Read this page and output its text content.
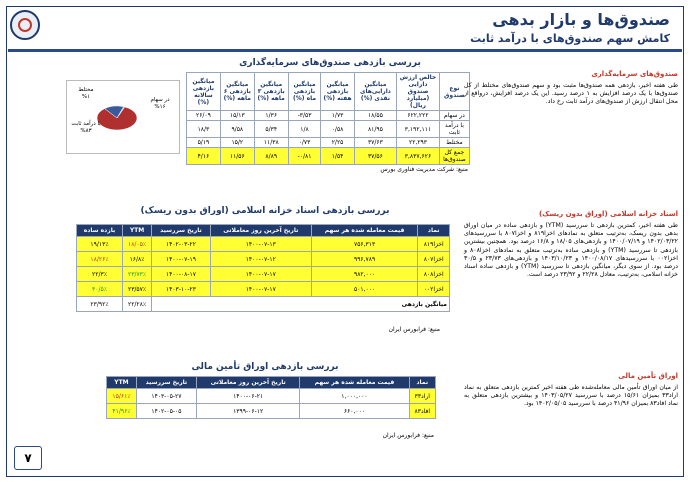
صندوق‌ها و بازار بدهی
کامش سهم صندوق‌های با درآمد ثابت
بررسی بازدهی صندوق‌های سرمایه‌گذاری
مختلط
%۱	در سهام
%۱۶
با درآمد ثابت
%۸۳
نوع صندوق	خالص ارزش دارایی صندوق (میلیارد ریال)	میانگین دارایی‌های نقدی (%)	میانگین بازدهی هفته (%)	میانگین بازدهی ماه (%)	میانگین بازدهی ۳ ماهه (%)	میانگین بازدهی ۶ ماهه (%)	میانگین بازدهی سالانه (%)
در سهام	۶۲۲,۲۲۲	۱۸/۵۵	۱/۷۳	۳/۵۳-	۱/۳۶	۱۵/۱۳	۲۶/۰۹
با درآمد ثابت	۳,۱۹۲,۱۱۱	۸۱/۹۵	۰/۵۸	۱/۸	۵/۳۴	۹/۵۸	۱۸/۳
مختلط	۲۲,۲۹۳	۳۷/۶۳	۲/۲۵	۰/۷۳	۱۱/۳۸	۱۵/۲	۵/۱۹
جمع کل صندوق‌ها	۳,۸۳۷,۶۲۶	۳۷/۵۶	۱/۵۴	۰/۸۱-	۸/۸۹	۱۱/۵۶	۴/۱۶
منبع: شرکت مدیریت فناوری بورس
بررسی بازدهی اسناد خزانه اسلامی (اوراق بدون ریسک)
نماد	قیمت معامله شده هر سهم	تاریخ آخرین روز معاملاتی	تاریخ سررسید	YTM	بازده ساده
اخزا۸۱۹	۷۵۶,۳۱۳	۱۴۰۰-۰۷-۱۳	۱۴۰۲-۰۳-۲۲	۱۸/۰۵٪	۱۹/۱۳٪
اخزا۸۰۷	۹۹۶,۷۸۹	۱۴۰۰-۰۷-۱۲	۱۴۰۰-۰۷-۱۹	۱۶/۸٪	۱۸/۲۶٪
اخزا۸۰۸	۹۸۲,۰۰۰	۱۴۰۰-۰۷-۱۷	۱۴۰۰-۰۸-۱۷	۲۳/۷۳٪	۲۲/۳٪
اخزا۰۰۲	۵۰۱,۰۰۰	۱۴۰۰-۰۷-۱۷	۱۴۰۳-۱۰-۲۳	۲۳/۵۷٪	۳۰/۵٪
میانگین بازدهی				۲۲/۲۸٪	۲۳/۹۲٪
منبع: فرابورس ایران
بررسی بازدهی اوراق تأمین مالی
نماد	قیمت معامله شده هر سهم	تاریخ آخرین روز معاملاتی	تاریخ سررسید	YTM
اراد۳۳	۱,۰۰۰,۰۰۰	۱۴۰۰-۰۶-۲۱	۱۴۰۳-۰۵-۲۷	۱۵/۶۱٪
افاد۸۳	۶۶۰,۰۰۰	۱۳۹۹-۰۶-۱۲	۱۴۰۲-۰۵-۰۵	۴۱/۹۶٪
منبع: فرابورس ایران
صندوق‌های سرمایه‌گذاری
طی هفته اخیر، بازدهی همه صندوق‌ها مثبت بود و سهم صندوق‌های مختلط از کل صندوق‌ها با یک درصد افزایش به ۱ درصد رسید. این یک درصد افزایش، درواقع از محل انتقال ارزش از صندوق‌های درآمد ثابت رخ داد.
اسناد خزانه اسلامی (اوراق بدون ریسک)
طی هفته اخیر، کمترین بازدهی تا سررسید (YTM) و بازدهی ساده در میان اوراق بدهی بدون ریسک، به‌ترتیب متعلق به نمادهای اخزا۸۱۹ و اخزا۸۰۷ با سررسیدهای ۱۴۰۲/۰۳/۲۲ و ۱۴۰۰/۰۷/۱۹ و بازدهی‌های ۱۸/۰۵ و ۱۶/۸ درصد بود. همچنین بیشترین بازدهی تا سررسید (YTM) و بازدهی ساده به‌ترتیب متعلق به نمادهای اخزا۸۰۸ و اخزا۰۰۲ با سررسیدهای ۱۴۰۰/۰۸/۱۷ و ۱۴۰۳/۱۰/۲۳ و بازدهی‌های ۲۳/۷۳ و ۳۰/۵ درصد بود. از سوی دیگر، میانگین بازدهی تا سررسید (YTM) و بازدهی ساده اسناد خزانه اسلامی، به‌ترتیب، معادل ۲۲/۲۸ و ۲۳/۹۲ درصد است.
اوراق تأمین مالی
از میان اوراق تأمین مالی معامله‌شده طی هفته اخیر کمترین بازدهی متعلق به نماد اراد۳۳ بمیزان ۱۵/۶۱ درصد با سررسید ۱۴۰۳/۰۵/۲۷ و بیشترین بازدهی متعلق به نماد افاد۸۳ بمیزان ۴۱/۹۶ درصد با سررسید ۱۴۰۲/۰۵/۰۵ بود.
۷
